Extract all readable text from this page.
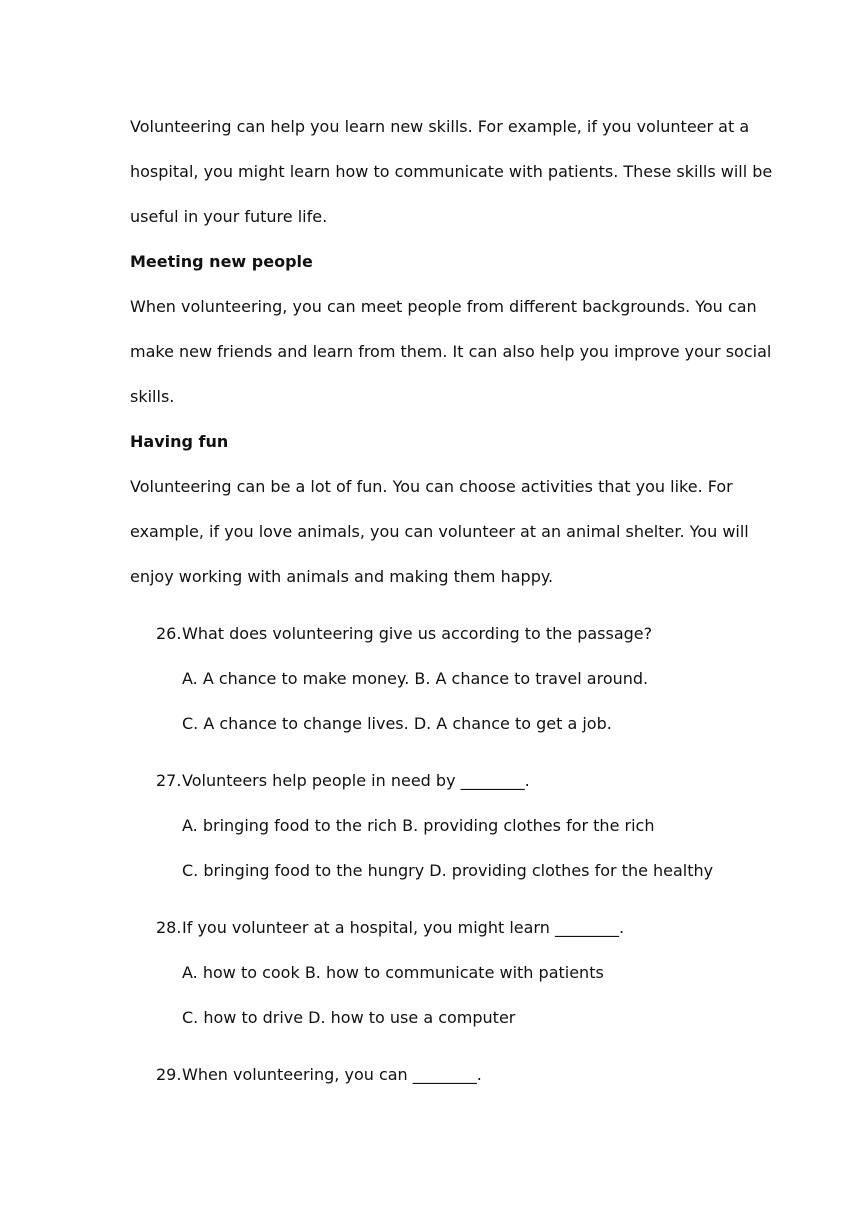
Volunteering can help you learn new skills. For example, if you volunteer at a
hospital, you might learn how to communicate with patients. These skills will be
useful in your future life.
Meeting new people
When volunteering, you can meet people from different backgrounds. You can
make new friends and learn from them. It can also help you improve your social
skills.
Having fun
Volunteering can be a lot of fun. You can choose activities that you like. For
example, if you love animals, you can volunteer at an animal shelter. You will
enjoy working with animals and making them happy.
26. What does volunteering give us according to the passage?
A. A chance to make money. B. A chance to travel around.
C. A chance to change lives. D. A chance to get a job.
27. Volunteers help people in need by ________.
A. bringing food to the rich B. providing clothes for the rich
C. bringing food to the hungry D. providing clothes for the healthy
28. If you volunteer at a hospital, you might learn ________.
A. how to cook B. how to communicate with patients
C. how to drive D. how to use a computer
29. When volunteering, you can ________.
